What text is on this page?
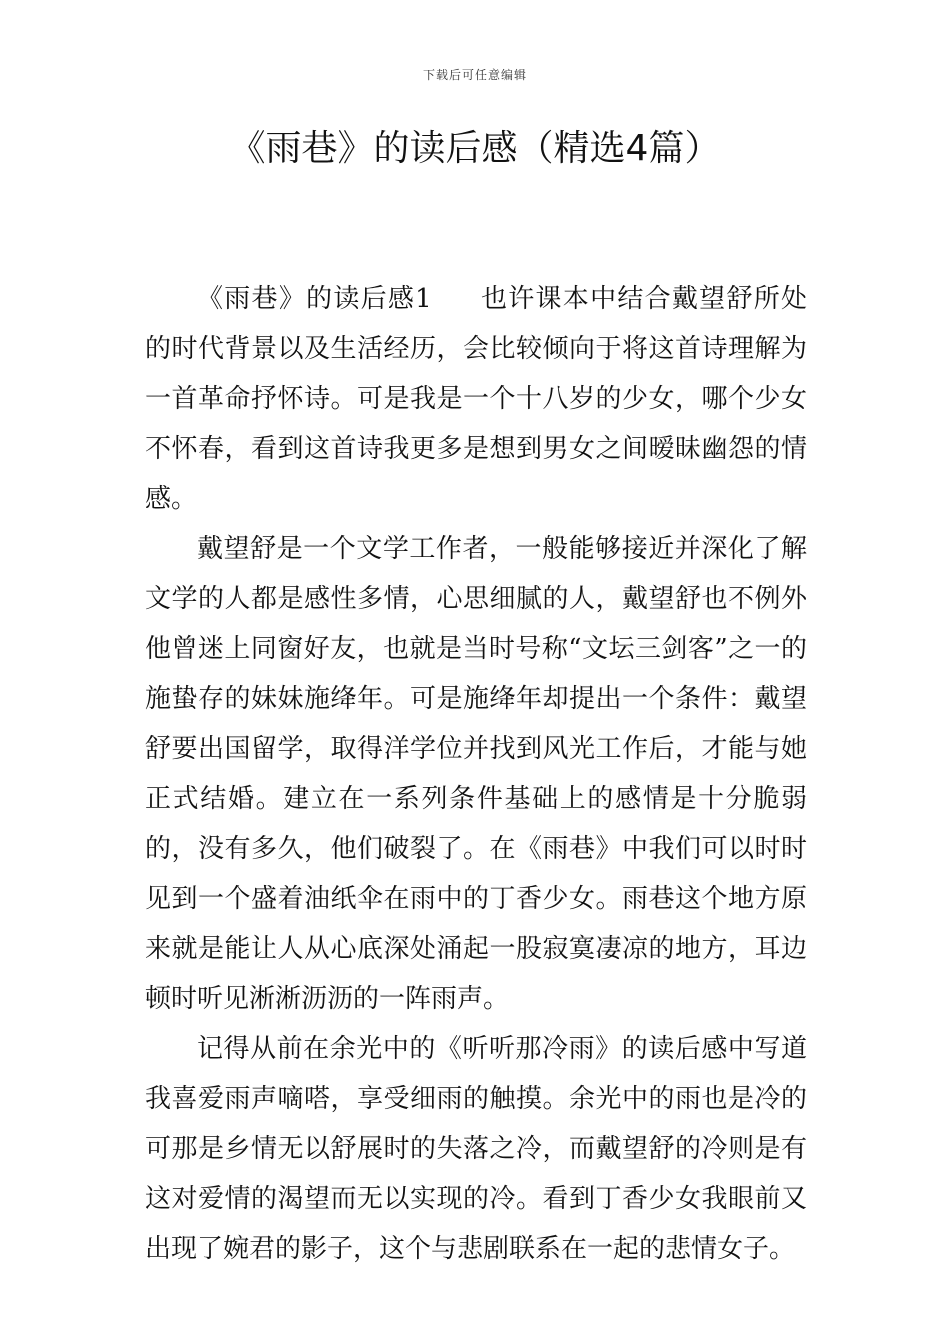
下载后可任意编辑
《雨巷》的读后感（精选4篇）

《雨巷》的读后感1 也许课本中结合戴望舒所处的时代背景以及生活经历，会比较倾向于将这首诗理解为一首革命抒怀诗。可是我是一个十八岁的少女，哪个少女不怀春，看到这首诗我更多是想到男女之间暧昧幽怨的情感。

戴望舒是一个文学工作者，一般能够接近并深化了解文学的人都是感性多情，心思细腻的人，戴望舒也不例外他曾迷上同窗好友，也就是当时号称“文坛三剑客”之一的施蛰存的妹妹施绛年。可是施绛年却提出一个条件：戴望舒要出国留学，取得洋学位并找到风光工作后，才能与她正式结婚。建立在一系列条件基础上的感情是十分脆弱的，没有多久，他们破裂了。在《雨巷》中我们可以时时见到一个盛着油纸伞在雨中的丁香少女。雨巷这个地方原来就是能让人从心底深处涌起一股寂寞凄凉的地方，耳边顿时听见淅淅沥沥的一阵雨声。

记得从前在余光中的《听听那冷雨》的读后感中写道我喜爱雨声嘀嗒，享受细雨的触摸。余光中的雨也是冷的可那是乡情无以舒展时的失落之冷，而戴望舒的冷则是有这对爱情的渴望而无以实现的冷。看到丁香少女我眼前又出现了婉君的影子，这个与悲剧联系在一起的悲情女子。
